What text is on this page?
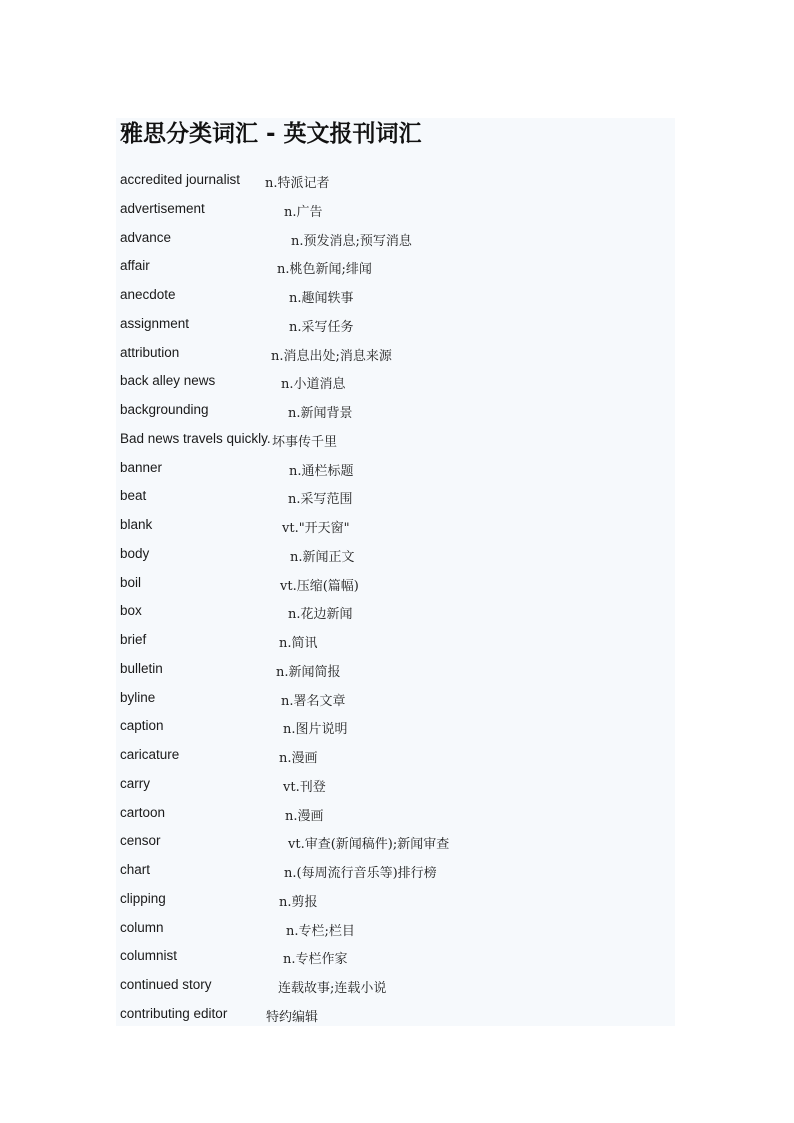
雅思分类词汇 - 英文报刊词汇
accredited journalist n.特派记者
advertisement	n.广告
advance	n.预发消息;预写消息
affair	n.桃色新闻;绯闻
anecdote	n.趣闻轶事
assignment	n.采写任务
attribution	n.消息出处;消息来源
back alley news	n.小道消息
backgrounding	n.新闻背景
Bad news travels quickly. 坏事传千里
banner	n.通栏标题
beat	n.采写范围
blank	vt."开天窗"
body	n.新闻正文
boil	vt.压缩(篇幅)
box	n.花边新闻
brief	n.简讯
bulletin	n.新闻简报
byline	n.署名文章
caption	n.图片说明
caricature	n.漫画
carry	vt.刊登
cartoon	n.漫画
censor	vt.审查(新闻稿件);新闻审查
chart	n.(每周流行音乐等)排行榜
clipping	n.剪报
column	n.专栏;栏目
columnist	n.专栏作家
continued story	连载故事;连载小说
contributing editor	特约编辑
